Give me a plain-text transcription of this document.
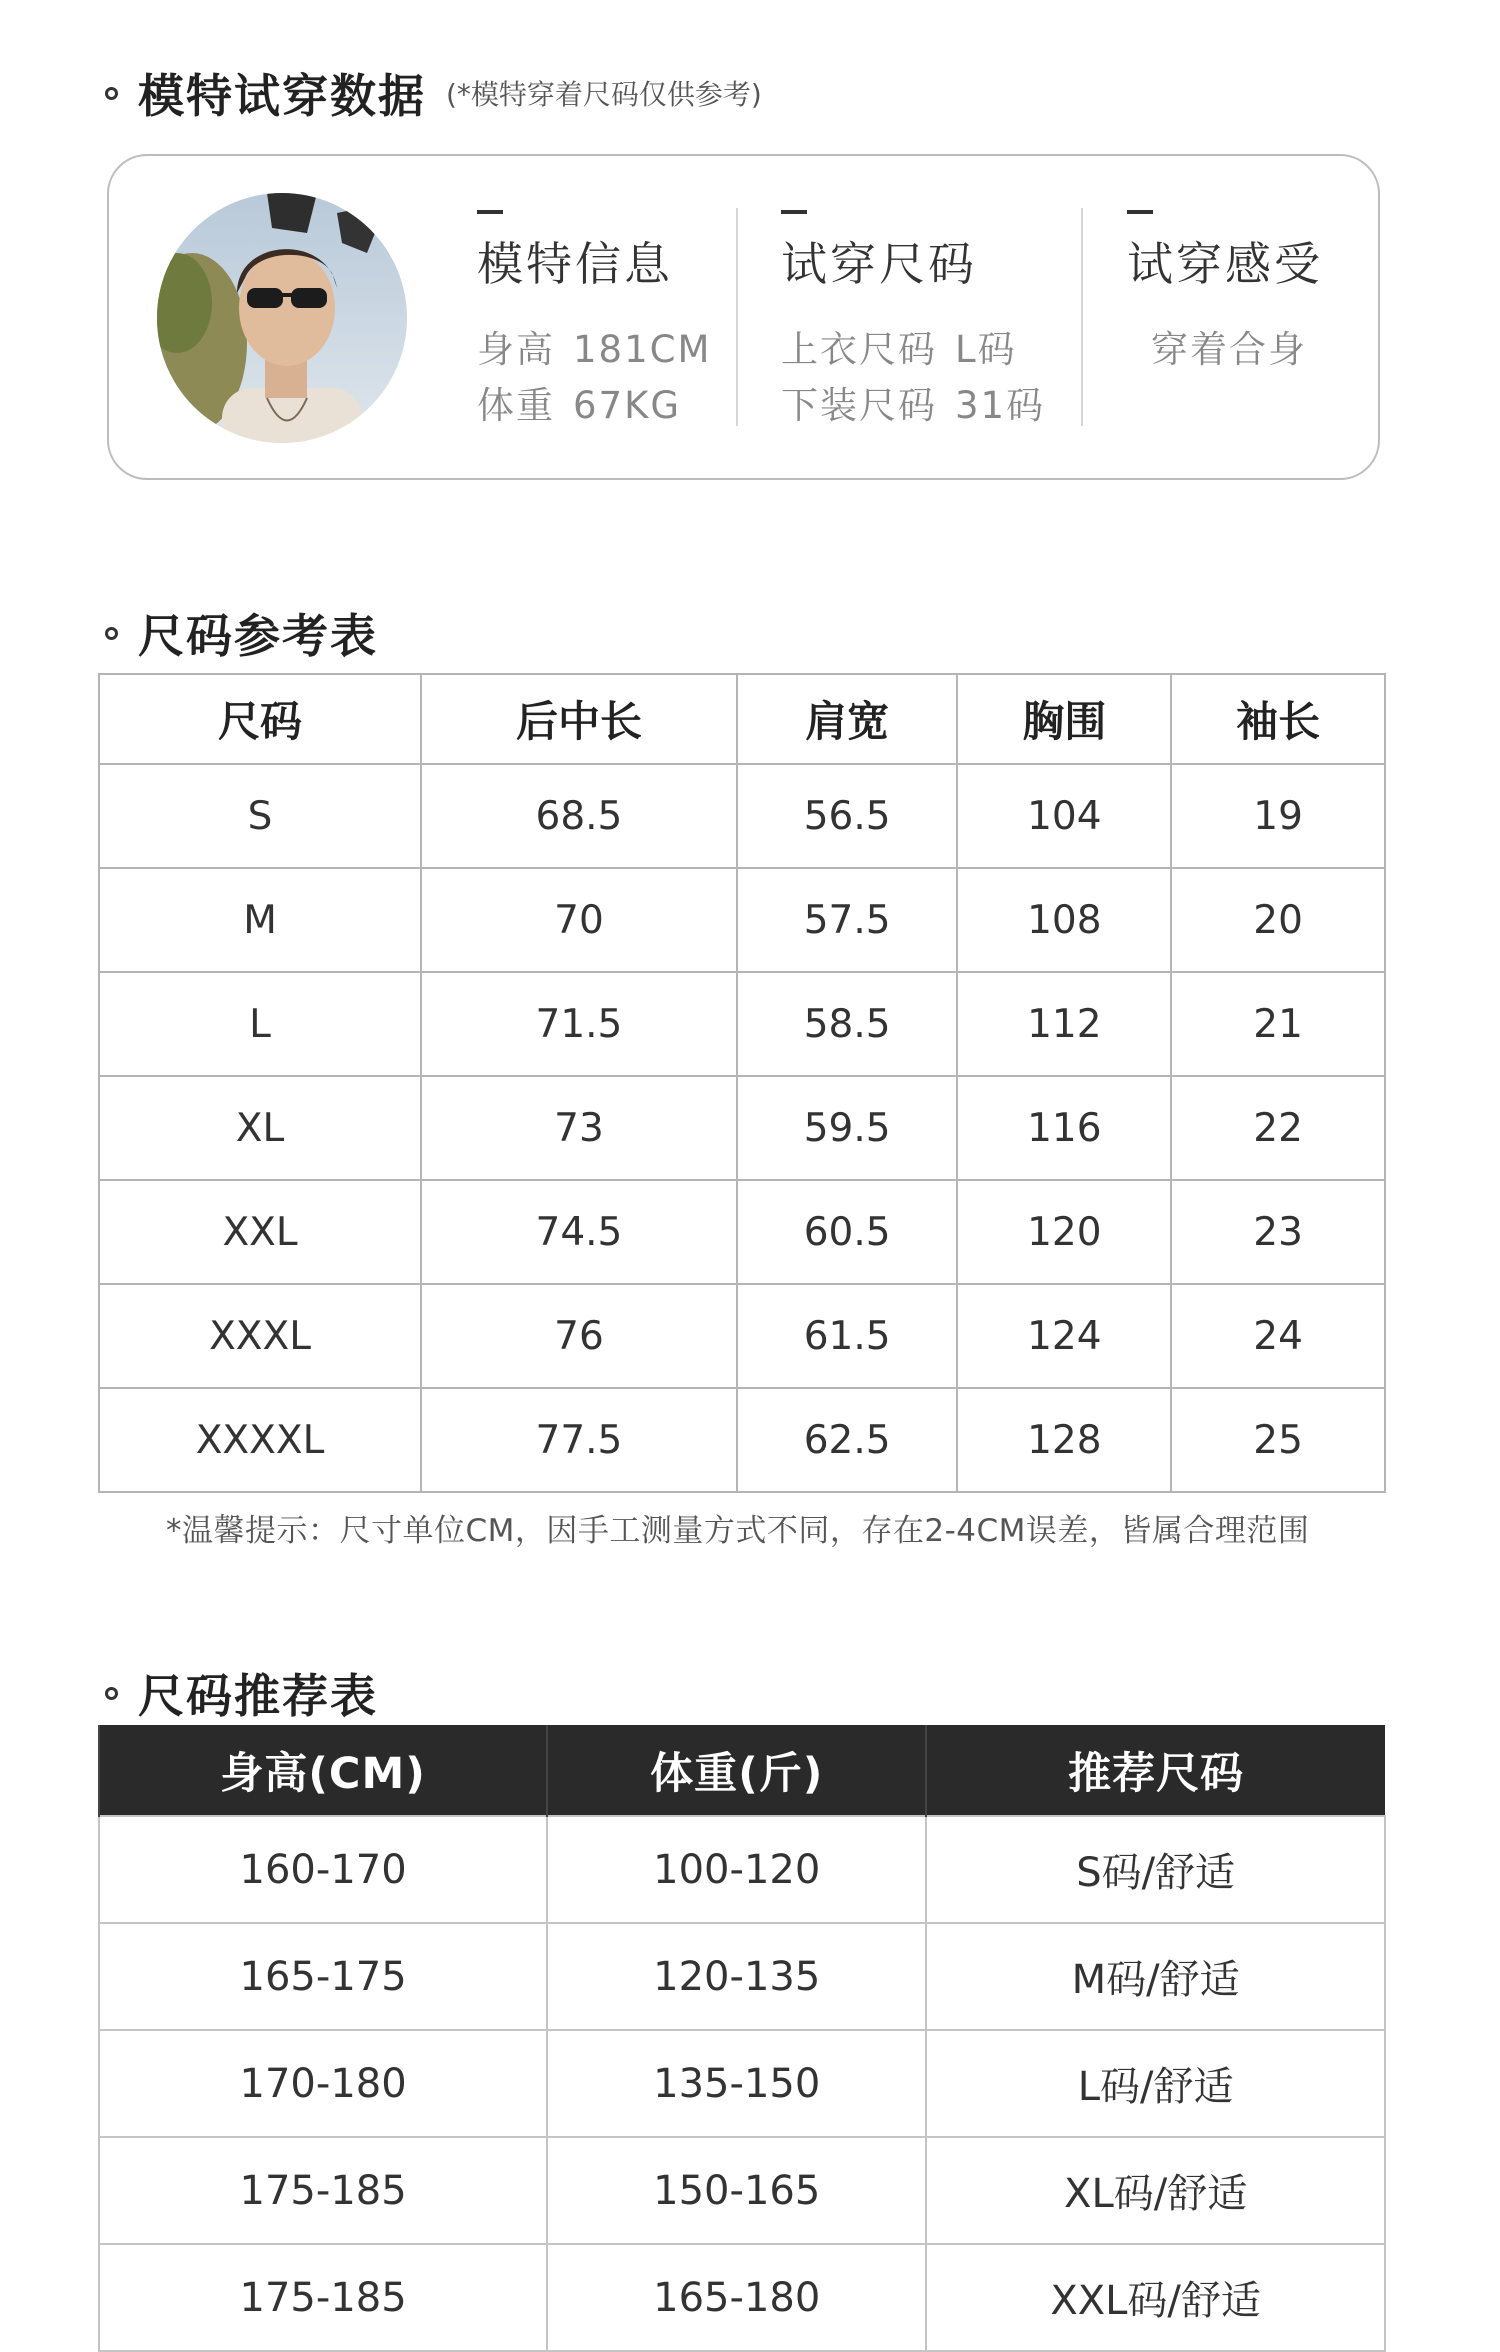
模特试穿数据 (*模特穿着尺码仅供参考)
模特信息
身高 181CM
体重 67KG
试穿尺码
上衣尺码 L码
下装尺码 31码
试穿感受
穿着合身
尺码参考表
尺码	后中长	肩宽	胸围	袖长
S	68.5	56.5	104	19
M	70	57.5	108	20
L	71.5	58.5	112	21
XL	73	59.5	116	22
XXL	74.5	60.5	120	23
XXXL	76	61.5	124	24
XXXXL	77.5	62.5	128	25
*温馨提示：尺寸单位CM，因手工测量方式不同，存在2-4CM误差，皆属合理范围
尺码推荐表
身高(CM)	体重(斤)	推荐尺码
160-170	100-120	S码/舒适
165-175	120-135	M码/舒适
170-180	135-150	L码/舒适
175-185	150-165	XL码/舒适
175-185	165-180	XXL码/舒适
